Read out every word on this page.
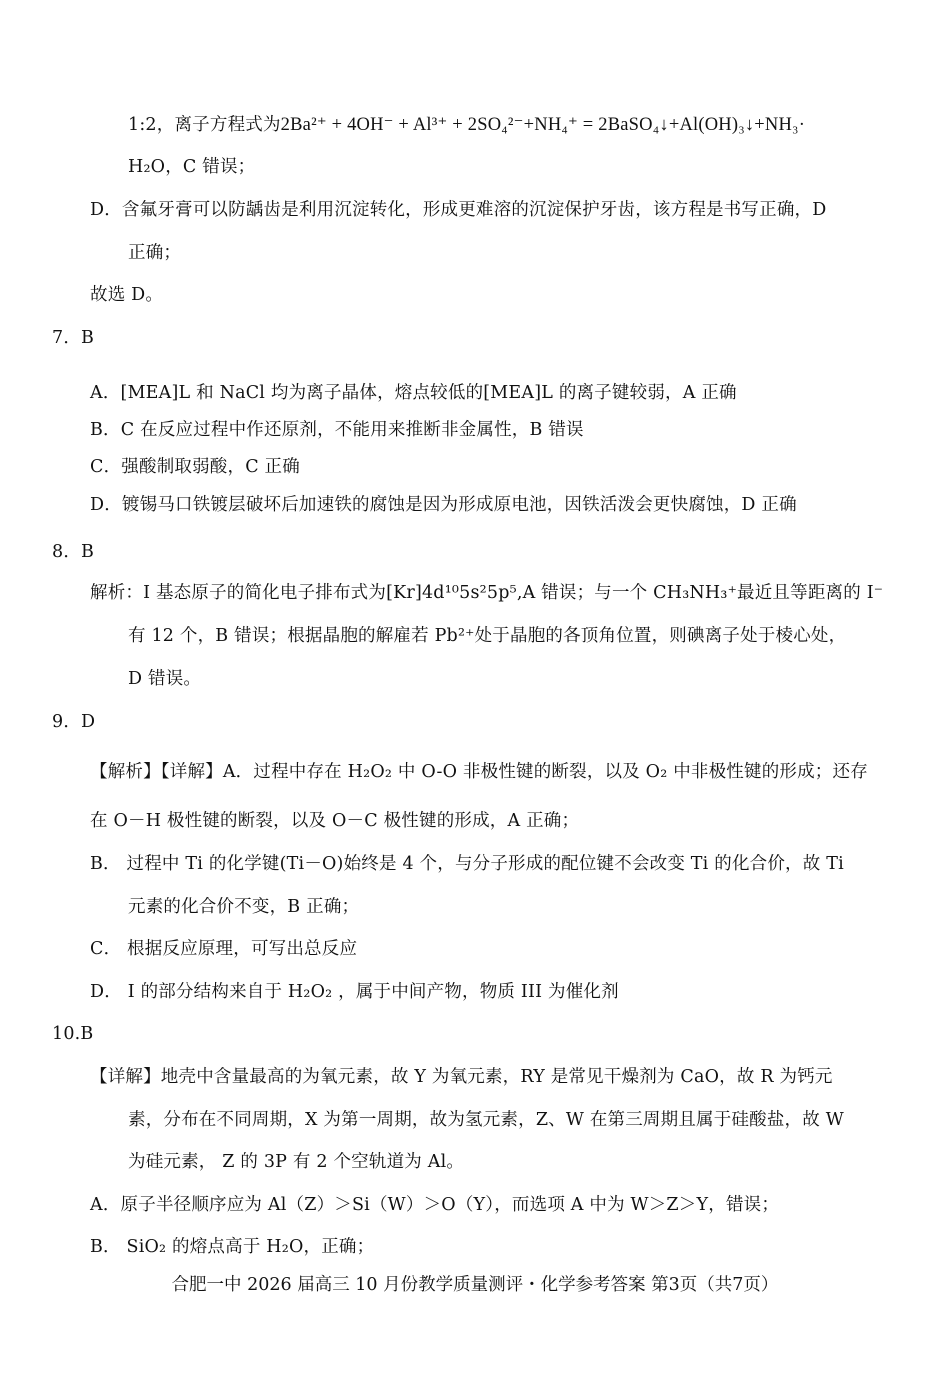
1:2，离子方程式为2Ba²⁺ + 4OH⁻ + Al³⁺ + 2SO₄²⁻+NH₄⁺ = 2BaSO₄↓+Al(OH)₃↓+NH₃·
H₂O，C 错误；
D．含氟牙膏可以防龋齿是利用沉淀转化，形成更难溶的沉淀保护牙齿，该方程是书写正确，D
正确；
故选 D。
7．B
A．[MEA]L 和 NaCl 均为离子晶体，熔点较低的[MEA]L 的离子键较弱，A 正确
B．C 在反应过程中作还原剂，不能用来推断非金属性，B 错误
C．强酸制取弱酸，C 正确
D．镀锡马口铁镀层破坏后加速铁的腐蚀是因为形成原电池，因铁活泼会更快腐蚀，D 正确
8．B
解析：I 基态原子的简化电子排布式为[Kr]4d¹⁰5s²5p⁵,A 错误；与一个 CH₃NH₃⁺最近且等距离的 I⁻
有 12 个，B 错误；根据晶胞的解雇若 Pb²⁺处于晶胞的各顶角位置，则碘离子处于棱心处，
D 错误。
9．D
【解析】【详解】A．过程中存在 H₂O₂ 中 O-O 非极性键的断裂，以及 O₂ 中非极性键的形成；还存
在 O－H 极性键的断裂，以及 O－C 极性键的形成，A 正确；
B． 过程中 Ti 的化学键(Ti－O)始终是 4 个，与分子形成的配位键不会改变 Ti 的化合价，故 Ti
元素的化合价不变，B 正确；
C． 根据反应原理，可写出总反应
D． I 的部分结构来自于 H₂O₂ ，属于中间产物，物质 III 为催化剂
10.B
【详解】地壳中含量最高的为氧元素，故 Y 为氧元素，RY 是常见干燥剂为 CaO，故 R 为钙元
素，分布在不同周期，X 为第一周期，故为氢元素，Z、W 在第三周期且属于硅酸盐，故 W
为硅元素， Z 的 3P 有 2 个空轨道为 Al。
A．原子半径顺序应为 Al（Z）＞Si（W）＞O（Y），而选项 A 中为 W＞Z＞Y，错误；
B． SiO₂ 的熔点高于 H₂O，正确；
合肥一中 2026 届高三 10 月份教学质量测评・化学参考答案 第3页（共7页）
